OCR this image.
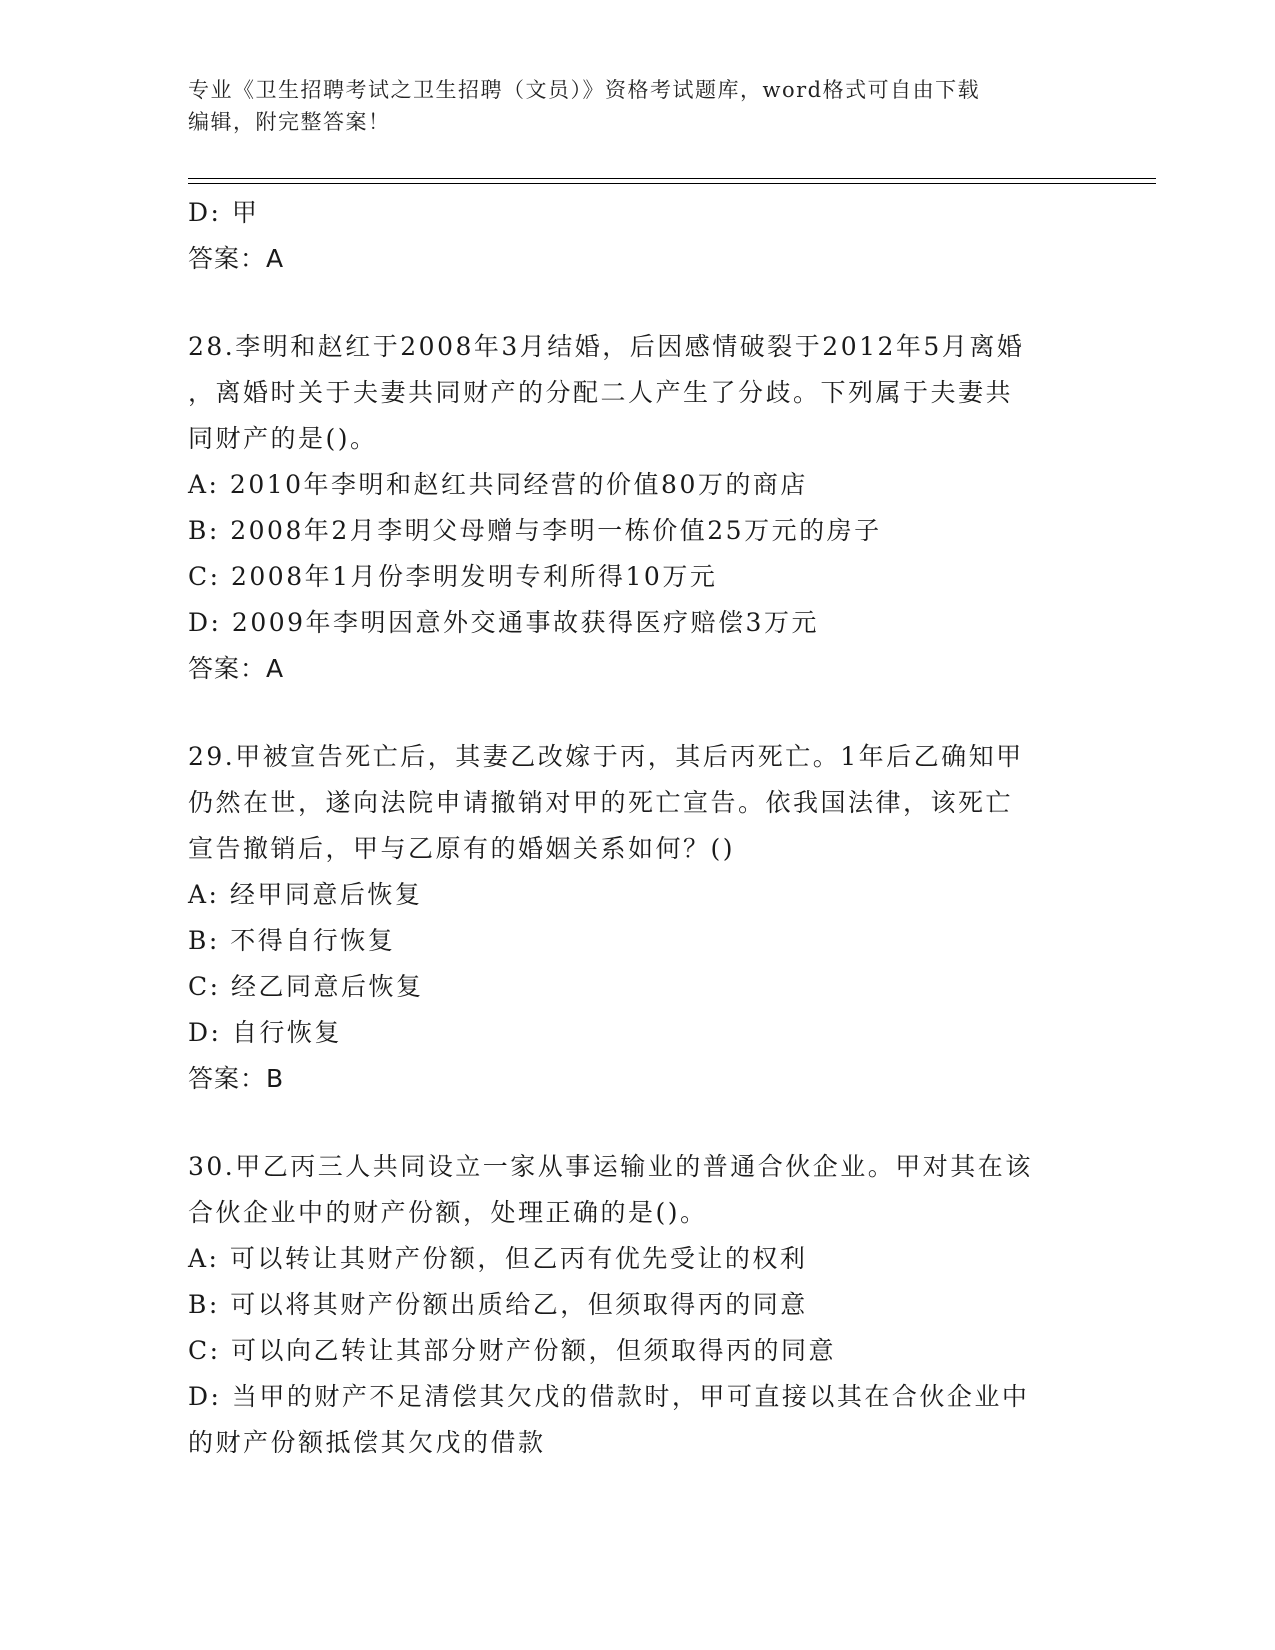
专业《卫生招聘考试之卫生招聘（文员）》资格考试题库，word格式可自由下载
编辑，附完整答案！
D: 甲
答案：A
28.李明和赵红于2008年3月结婚，后因感情破裂于2012年5月离婚
，离婚时关于夫妻共同财产的分配二人产生了分歧。下列属于夫妻共
同财产的是()。
A: 2010年李明和赵红共同经营的价值80万的商店
B: 2008年2月李明父母赠与李明一栋价值25万元的房子
C: 2008年1月份李明发明专利所得10万元
D: 2009年李明因意外交通事故获得医疗赔偿3万元
答案：A
29.甲被宣告死亡后，其妻乙改嫁于丙，其后丙死亡。1年后乙确知甲
仍然在世，遂向法院申请撤销对甲的死亡宣告。依我国法律，该死亡
宣告撤销后，甲与乙原有的婚姻关系如何？()
A: 经甲同意后恢复
B: 不得自行恢复
C: 经乙同意后恢复
D: 自行恢复
答案：B
30.甲乙丙三人共同设立一家从事运输业的普通合伙企业。甲对其在该
合伙企业中的财产份额，处理正确的是()。
A: 可以转让其财产份额，但乙丙有优先受让的权利
B: 可以将其财产份额出质给乙，但须取得丙的同意
C: 可以向乙转让其部分财产份额，但须取得丙的同意
D: 当甲的财产不足清偿其欠戊的借款时，甲可直接以其在合伙企业中
的财产份额抵偿其欠戊的借款
